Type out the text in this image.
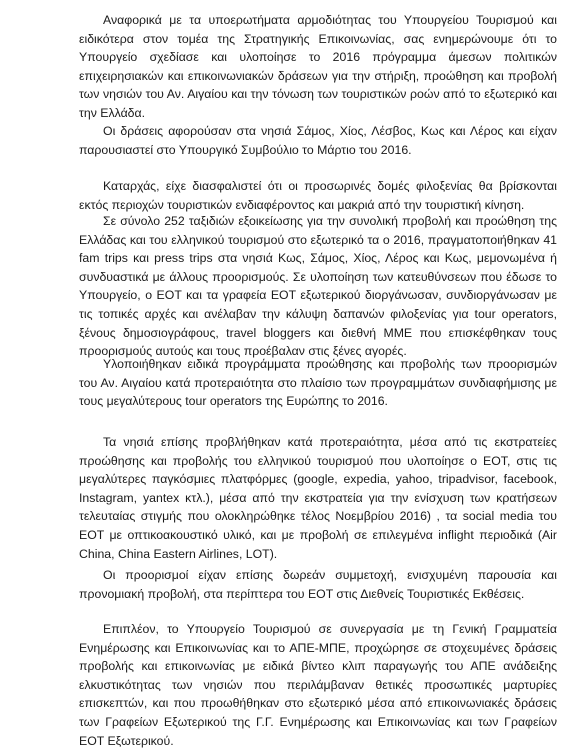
Αναφορικά με τα υποερωτήματα αρμοδιότητας του Υπουργείου Τουρισμού και ειδικότερα στον τομέα της Στρατηγικής Επικοινωνίας, σας ενημερώνουμε ότι το Υπουργείο σχεδίασε και υλοποίησε το 2016 πρόγραμμα άμεσων πολιτικών επιχειρησιακών και επικοινωνιακών δράσεων για την στήριξη, προώθηση και προβολή των νησιών του Αν. Αιγαίου και την τόνωση των τουριστικών ροών από το εξωτερικό και την Ελλάδα.

Οι δράσεις αφορούσαν στα νησιά Σάμος, Χίος, Λέσβος, Κως και Λέρος και είχαν παρουσιαστεί στο Υπουργικό Συμβούλιο το Μάρτιο του 2016.

Καταρχάς, είχε διασφαλιστεί ότι οι προσωρινές δομές φιλοξενίας θα βρίσκονται εκτός περιοχών τουριστικών ενδιαφέροντος και μακριά από την τουριστική κίνηση.

Σε σύνολο 252 ταξιδιών εξοικείωσης για την συνολική προβολή και προώθηση της Ελλάδας και του ελληνικού τουρισμού στο εξωτερικό τα ο 2016, πραγματοποιήθηκαν 41 fam trips και press trips στα νησιά Κως, Σάμος, Χίος, Λέρος και Κως, μεμονωμένα ή συνδυαστικά με άλλους προορισμούς. Σε υλοποίηση των κατευθύνσεων που έδωσε το Υπουργείο, ο ΕΟΤ και τα γραφεία ΕΟΤ εξωτερικού διοργάνωσαν, συνδιοργάνωσαν με τις τοπικές αρχές και ανέλαβαν την κάλυψη δαπανών φιλοξενίας για tour operators, ξένους δημοσιογράφους, travel bloggers και διεθνή ΜΜΕ που επισκέφθηκαν τους προορισμούς αυτούς και τους προέβαλαν στις ξένες αγορές.

Υλοποιήθηκαν ειδικά προγράμματα προώθησης και προβολής των προορισμών του Αν. Αιγαίου κατά προτεραιότητα στο πλαίσιο των προγραμμάτων συνδιαφήμισης με τους μεγαλύτερους tour operators της Ευρώπης το 2016.

Τα νησιά επίσης προβλήθηκαν κατά προτεραιότητα, μέσα από τις εκστρατείες προώθησης και προβολής του ελληνικού τουρισμού που υλοποίησε ο ΕΟΤ, στις τις μεγαλύτερες παγκόσμιες πλατφόρμες (google, expedia, yahoo, tripadvisor, facebook, Instagram, yantex κτλ.), μέσα από την εκστρατεία για την ενίσχυση των κρατήσεων τελευταίας στιγμής που ολοκληρώθηκε τέλος Νοεμβρίου 2016) , τα social media του ΕΟΤ με οπτικοακουστικό υλικό, και με προβολή σε επιλεγμένα inflight περιοδικά (Air China, China Eastern Airlines, LOT).

Οι προορισμοί είχαν επίσης δωρεάν συμμετοχή, ενισχυμένη παρουσία και προνομιακή προβολή, στα περίπτερα του ΕΟΤ στις Διεθνείς Τουριστικές Εκθέσεις.

Επιπλέον, το Υπουργείο Τουρισμού σε συνεργασία με τη Γενική Γραμματεία Ενημέρωσης και Επικοινωνίας και το ΑΠΕ-ΜΠΕ, προχώρησε σε στοχευμένες δράσεις προβολής και επικοινωνίας με ειδικά βίντεο κλιπ παραγωγής του ΑΠΕ ανάδειξης ελκυστικότητας των νησιών που περιλάμβαναν θετικές προσωπικές μαρτυρίες επισκεπτών, και που προωθήθηκαν στο εξωτερικό μέσα από επικοινωνιακές δράσεις των Γραφείων Εξωτερικού της Γ.Γ. Ενημέρωσης και Επικοινωνίας και των Γραφείων ΕΟΤ Εξωτερικού.
